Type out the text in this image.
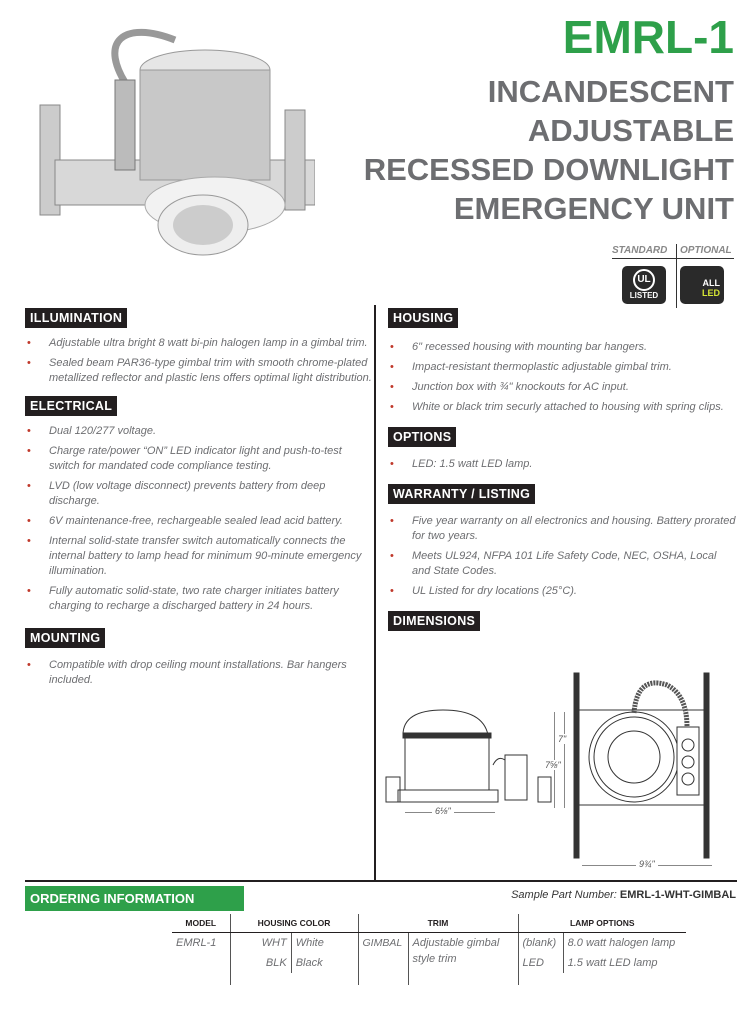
EMRL-1
INCANDESCENT
ADJUSTABLE
RECESSED DOWNLIGHT
EMERGENCY UNIT
STANDARD OPTIONAL
UL
LISTED
ALL
LED
ILLUMINATION
• Adjustable ultra bright 8 watt bi-pin halogen lamp in a gimbal trim.
• Sealed beam PAR36-type gimbal trim with smooth chrome-plated metallized reflector and plastic lens offers optimal light distribution.
ELECTRICAL
• Dual 120/277 voltage.
• Charge rate/power “ON” LED indicator light and push-to-test switch for mandated code compliance testing.
• LVD (low voltage disconnect) prevents battery from deep discharge.
• 6V maintenance-free, rechargeable sealed lead acid battery.
• Internal solid-state transfer switch automatically connects the internal battery to lamp head for minimum 90-minute emergency illumination.
• Fully automatic solid-state, two rate charger initiates battery charging to recharge a discharged battery in 24 hours.
MOUNTING
• Compatible with drop ceiling mount installations. Bar hangers included.
HOUSING
• 6" recessed housing with mounting bar hangers.
• Impact-resistant thermoplastic adjustable gimbal trim.
• Junction box with ¾" knockouts for AC input.
• White or black trim securly attached to housing with spring clips.
OPTIONS
• LED: 1.5 watt LED lamp.
WARRANTY / LISTING
• Five year warranty on all electronics and housing. Battery prorated for two years.
• Meets UL924, NFPA 101 Life Safety Code, NEC, OSHA, Local and State Codes.
• UL Listed for dry locations (25°C).
DIMENSIONS
6⅛"
7"
7⅝"
9¾"
ORDERING INFORMATION	Sample Part Number: EMRL-1-WHT-GIMBAL
MODEL	HOUSING COLOR		TRIM		LAMP OPTIONS	
EMRL-1	WHT	White	GIMBAL	Adjustable gimbal style trim	(blank)	8.0 watt halogen lamp
	BLK	Black			LED	1.5 watt LED lamp
